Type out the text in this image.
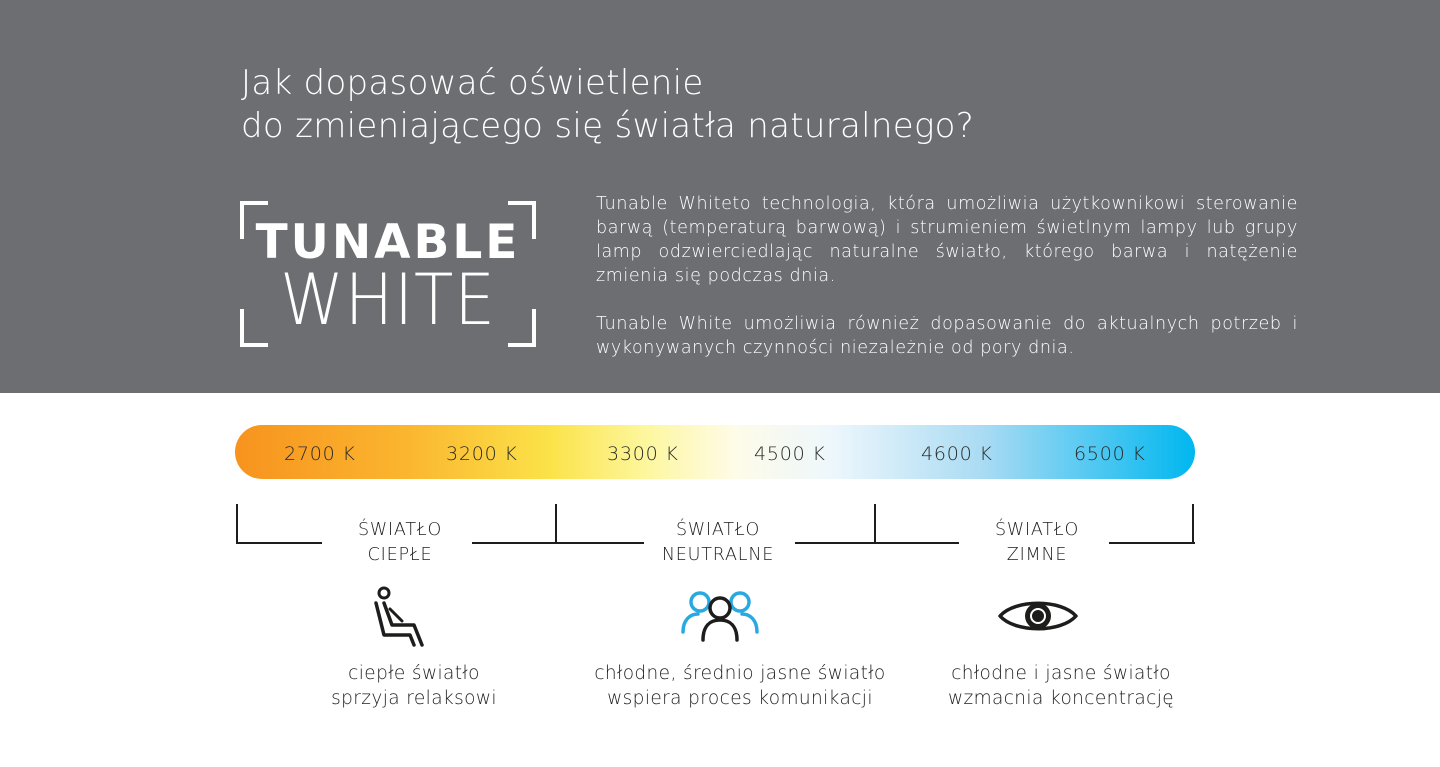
Jak dopasować oświetlenie
do zmieniającego się światła naturalnego?
TUNABLE
WHITE

Tunable Whiteto technologia, która umożliwia użytkownikowi sterowanie barwą (temperaturą barwową) i strumieniem świetlnym lampy lub grupy lamp odzwierciedlając naturalne światło, którego barwa i natężenie zmienia się podczas dnia.

Tunable White umożliwia również dopasowanie do aktualnych potrzeb i wykonywanych czynności niezależnie od pory dnia.

2700 K	3200 K	3300 K	4500 K	4600 K	6500 K
ŚWIATŁO
CIEPŁE
ŚWIATŁO
NEUTRALNE
ŚWIATŁO
ZIMNE
ciepłe światło
sprzyja relaksowi
chłodne, średnio jasne światło
wspiera proces komunikacji
chłodne i jasne światło
wzmacnia koncentrację
